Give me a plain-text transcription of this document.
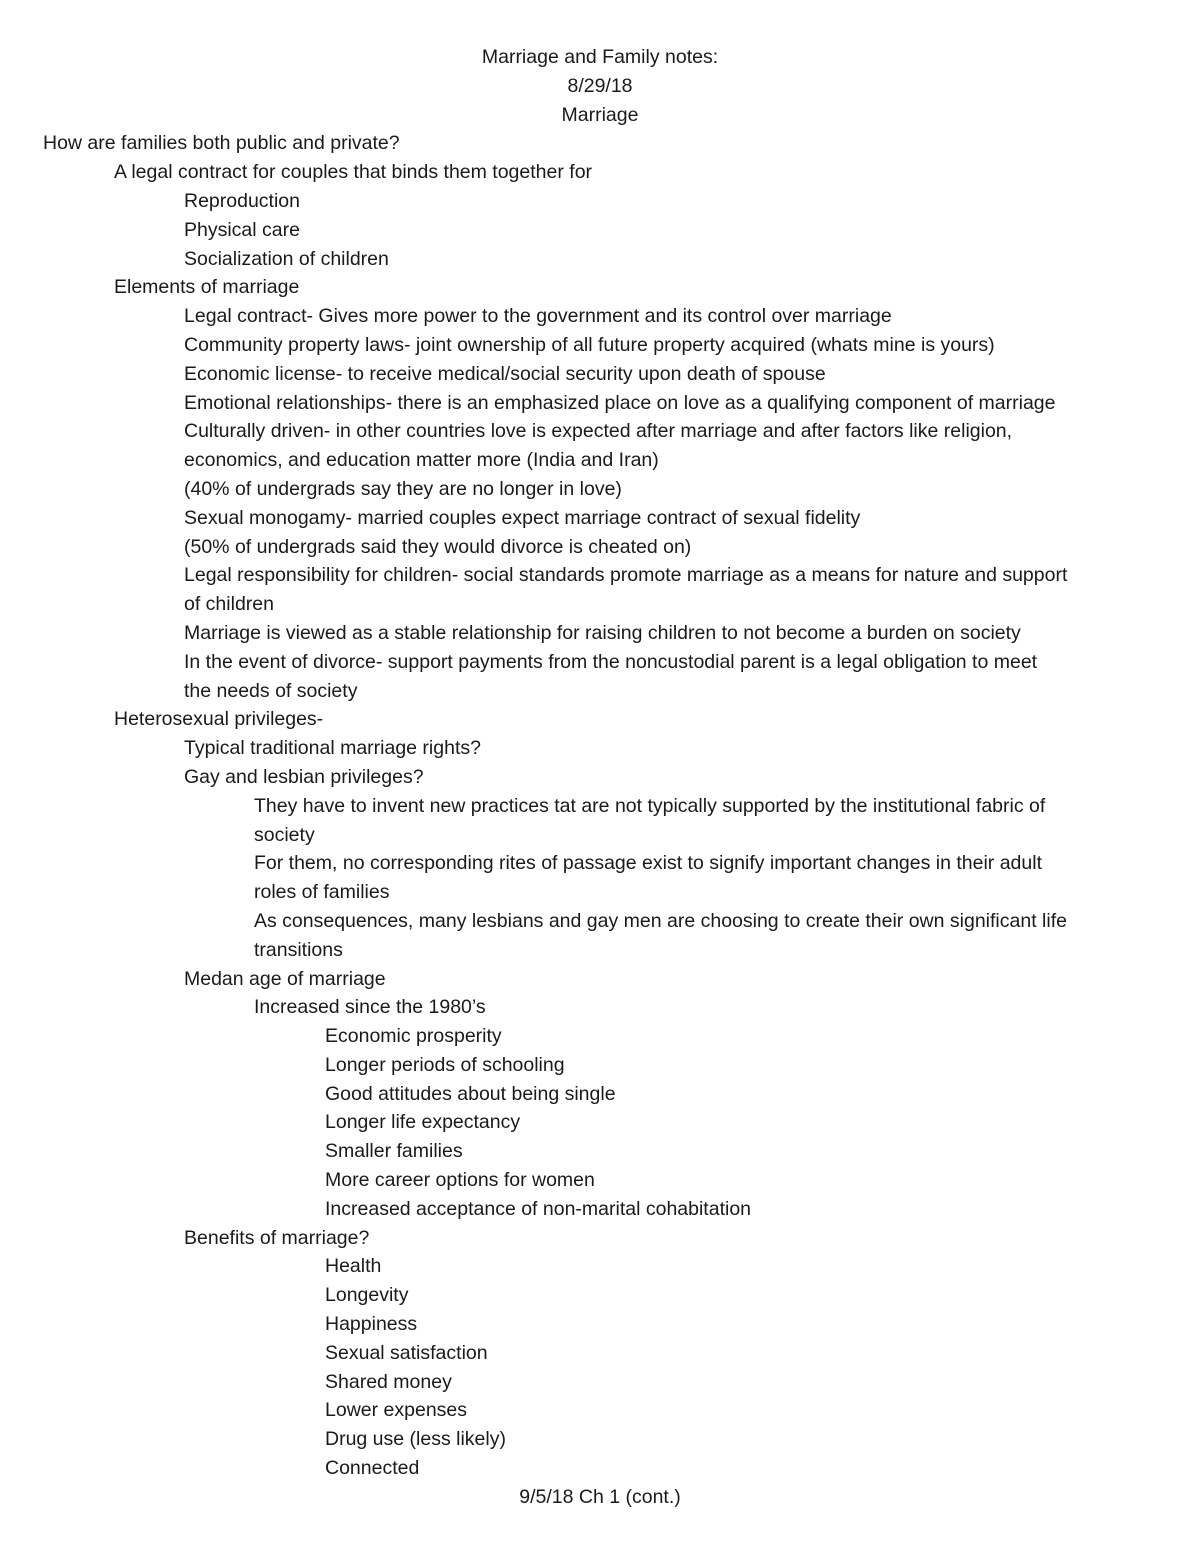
Marriage and Family notes:
8/29/18
Marriage
How are families both public and private?
A legal contract for couples that binds them together for
Reproduction
Physical care
Socialization of children
Elements of marriage
Legal contract- Gives more power to the government and its control over marriage
Community property laws- joint ownership of all future property acquired (whats mine is yours)
Economic license- to receive medical/social security upon death of spouse
Emotional relationships- there is an emphasized place on love as a qualifying component of marriage
Culturally driven- in other countries love is expected after marriage and after factors like religion,
economics, and education matter more (India and Iran)
(40% of undergrads say they are no longer in love)
Sexual monogamy- married couples expect marriage contract of sexual fidelity
(50% of undergrads said they would divorce is cheated on)
Legal responsibility for children- social standards promote marriage as a means for nature and support
of children
Marriage is viewed as a stable relationship for raising children to not become a burden on society
In the event of divorce- support payments from the noncustodial parent is a legal obligation to meet
the needs of society
Heterosexual privileges-
Typical traditional marriage rights?
Gay and lesbian privileges?
They have to invent new practices tat are not typically supported by the institutional fabric of
society
For them, no corresponding rites of passage exist to signify important changes in their adult
roles of families
As consequences, many lesbians and gay men are choosing to create their own significant life
transitions
Medan age of marriage
Increased since the 1980’s
Economic prosperity
Longer periods of schooling
Good attitudes about being single
Longer life expectancy
Smaller families
More career options for women
Increased acceptance of non-marital cohabitation
Benefits of marriage?
Health
Longevity
Happiness
Sexual satisfaction
Shared money
Lower expenses
Drug use (less likely)
Connected
9/5/18 Ch 1 (cont.)
